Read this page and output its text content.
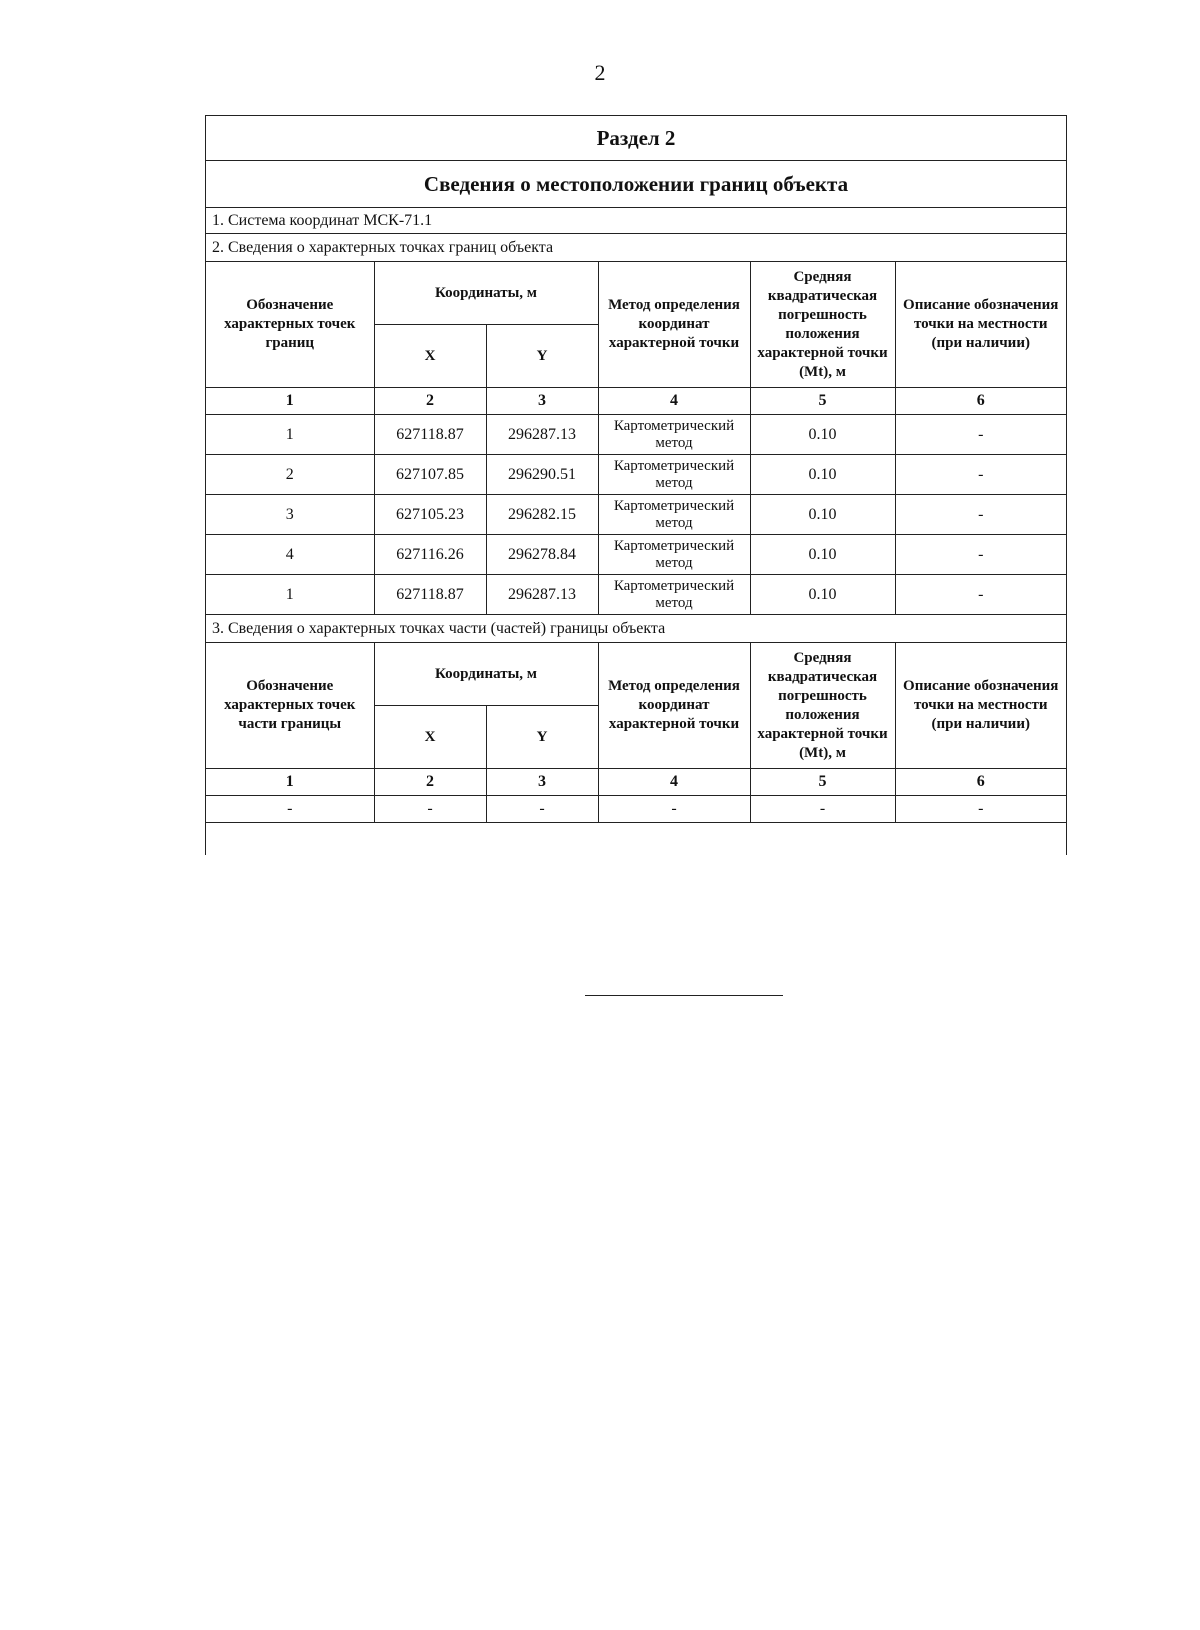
2
Раздел 2
Сведения о местоположении границ объекта
1. Система координат МСК-71.1
2. Сведения о характерных точках границ объекта
Обозначение характерных точек границ	Координаты, м		Метод определения координат характерной точки	Средняя квадратическая погрешность положения характерной точки (Mt), м	Описание обозначения точки на местности (при наличии)
	X	Y			
1	2	3	4	5	6
1	627118.87	296287.13	Картометрический метод	0.10	-
2	627107.85	296290.51	Картометрический метод	0.10	-
3	627105.23	296282.15	Картометрический метод	0.10	-
4	627116.26	296278.84	Картометрический метод	0.10	-
1	627118.87	296287.13	Картометрический метод	0.10	-
3. Сведения о характерных точках части (частей) границы объекта
Обозначение характерных точек части границы	Координаты, м		Метод определения координат характерной точки	Средняя квадратическая погрешность положения характерной точки (Mt), м	Описание обозначения точки на местности (при наличии)
	X	Y			
1	2	3	4	5	6
-	-	-	-	-	-
